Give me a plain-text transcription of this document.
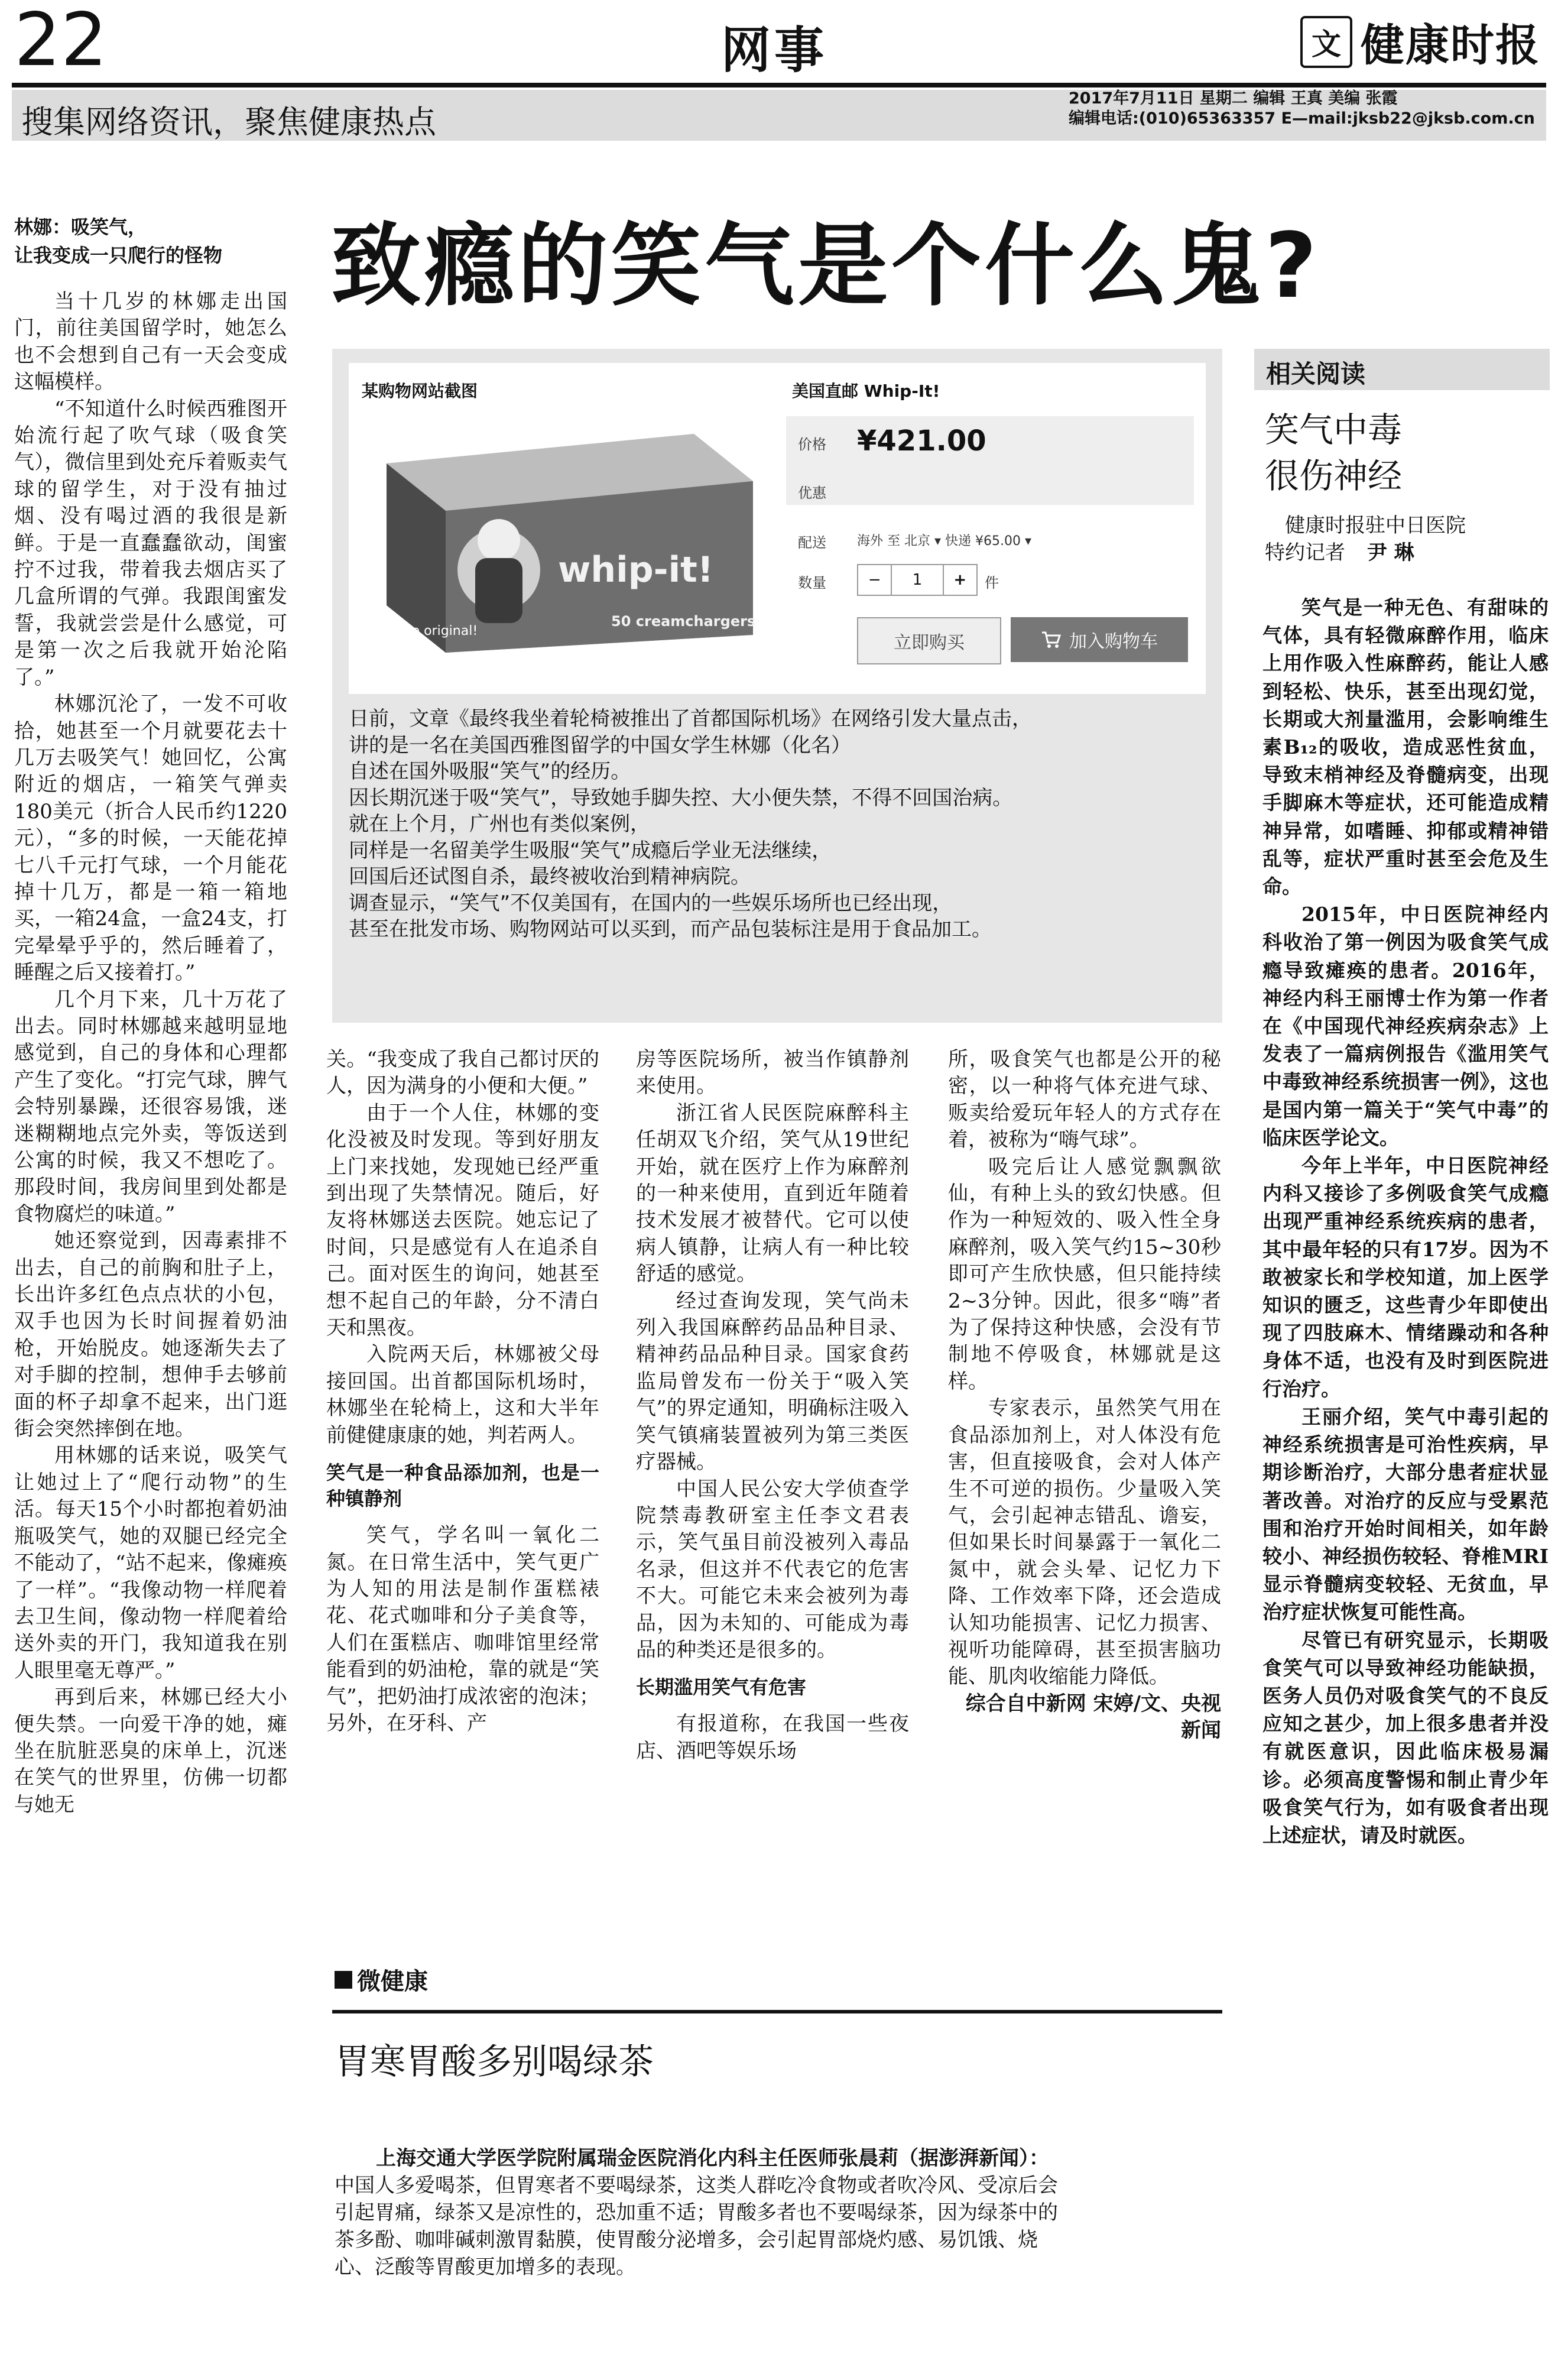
22	网事	文 健康时报
搜集网络资讯，聚焦健康热点
2017年7月11日 星期二 编辑 王真 美编 张霞
编辑电话:(010)65363357 E—mail:jksb22@jksb.com.cn
林娜：吸笑气，
让我变成一只爬行的怪物 致瘾的笑气是个什么鬼?

当十几岁的林娜走出国门，前往美国留学时，她怎么也不会想到自己有一天会变成这幅模样。

“不知道什么时候西雅图开始流行起了吹气球（吸食笑气），微信里到处充斥着贩卖气球的留学生，对于没有抽过烟、没有喝过酒的我很是新鲜。于是一直蠢蠢欲动，闺蜜拧不过我，带着我去烟店买了几盒所谓的气弹。我跟闺蜜发誓，我就尝尝是什么感觉，可是第一次之后我就开始沦陷了。”

林娜沉沦了，一发不可收拾，她甚至一个月就要花去十几万去吸笑气！她回忆，公寓附近的烟店，一箱笑气弹卖180美元（折合人民币约1220元），“多的时候，一天能花掉七八千元打气球，一个月能花掉十几万，都是一箱一箱地买，一箱24盒，一盒24支，打完晕晕乎乎的，然后睡着了，睡醒之后又接着打。”

几个月下来，几十万花了出去。同时林娜越来越明显地感觉到，自己的身体和心理都产生了变化。“打完气球，脾气会特别暴躁，还很容易饿，迷迷糊糊地点完外卖，等饭送到公寓的时候，我又不想吃了。那段时间，我房间里到处都是食物腐烂的味道。”

她还察觉到，因毒素排不出去，自己的前胸和肚子上，长出许多红色点点状的小包，双手也因为长时间握着奶油枪，开始脱皮。她逐渐失去了对手脚的控制，想伸手去够前面的杯子却拿不起来，出门逛街会突然摔倒在地。

用林娜的话来说，吸笑气让她过上了“爬行动物”的生活。每天15个小时都抱着奶油瓶吸笑气，她的双腿已经完全不能动了，“站不起来，像瘫痪了一样”。“我像动物一样爬着去卫生间，像动物一样爬着给送外卖的开门，我知道我在别人眼里毫无尊严。”

再到后来，林娜已经大小便失禁。一向爱干净的她，瘫坐在肮脏恶臭的床单上，沉迷在笑气的世界里，仿佛一切都与她无

某购物网站截图
whip-it!
50 creamchargers
the original!
美国直邮 Whip-It!
价格 ¥421.00
优惠
配送 海外 至 北京 ▾ 快递 ¥65.00 ▾
数量	−	1	+	件
立即购买	加入购物车
日前，文章《最终我坐着轮椅被推出了首都国际机场》在网络引发大量点击，
讲的是一名在美国西雅图留学的中国女学生林娜（化名）
自述在国外吸服“笑气”的经历。
因长期沉迷于吸“笑气”，导致她手脚失控、大小便失禁，不得不回国治病。
就在上个月，广州也有类似案例，
同样是一名留美学生吸服“笑气”成瘾后学业无法继续，
回国后还试图自杀，最终被收治到精神病院。
调查显示，“笑气”不仅美国有，在国内的一些娱乐场所也已经出现，
甚至在批发市场、购物网站可以买到，而产品包装标注是用于食品加工。

关。“我变成了我自己都讨厌的人，因为满身的小便和大便。”

由于一个人住，林娜的变化没被及时发现。等到好朋友上门来找她，发现她已经严重到出现了失禁情况。随后，好友将林娜送去医院。她忘记了时间，只是感觉有人在追杀自己。面对医生的询问，她甚至想不起自己的年龄，分不清白天和黑夜。

入院两天后，林娜被父母接回国。出首都国际机场时，林娜坐在轮椅上，这和大半年前健健康康的她，判若两人。

笑气是一种食品添加剂，也是一种镇静剂

笑气，学名叫一氧化二氮。在日常生活中，笑气更广为人知的用法是制作蛋糕裱花、花式咖啡和分子美食等，人们在蛋糕店、咖啡馆里经常能看到的奶油枪，靠的就是“笑气”，把奶油打成浓密的泡沫；另外，在牙科、产

房等医院场所，被当作镇静剂来使用。

浙江省人民医院麻醉科主任胡双飞介绍，笑气从19世纪开始，就在医疗上作为麻醉剂的一种来使用，直到近年随着技术发展才被替代。它可以使病人镇静，让病人有一种比较舒适的感觉。

经过查询发现，笑气尚未列入我国麻醉药品品种目录、精神药品品种目录。国家食药监局曾发布一份关于“吸入笑气”的界定通知，明确标注吸入笑气镇痛装置被列为第三类医疗器械。

中国人民公安大学侦查学院禁毒教研室主任李文君表示，笑气虽目前没被列入毒品名录，但这并不代表它的危害不大。可能它未来会被列为毒品，因为未知的、可能成为毒品的种类还是很多的。

长期滥用笑气有危害

有报道称，在我国一些夜店、酒吧等娱乐场

所，吸食笑气也都是公开的秘密，以一种将气体充进气球、贩卖给爱玩年轻人的方式存在着，被称为“嗨气球”。

吸完后让人感觉飘飘欲仙，有种上头的致幻快感。但作为一种短效的、吸入性全身麻醉剂，吸入笑气约15~30秒即可产生欣快感，但只能持续2~3分钟。因此，很多“嗨”者为了保持这种快感，会没有节制地不停吸食，林娜就是这样。

专家表示，虽然笑气用在食品添加剂上，对人体没有危害，但直接吸食，会对人体产生不可逆的损伤。少量吸入笑气，会引起神志错乱、谵妄，但如果长时间暴露于一氧化二氮中，就会头晕、记忆力下降、工作效率下降，还会造成认知功能损害、记忆力损害、视听功能障碍，甚至损害脑功能、肌肉收缩能力降低。

综合自中新网 宋婷/文、央视新闻

相关阅读
笑气中毒
很伤神经
健康时报驻中日医院
特约记者 尹 琳

笑气是一种无色、有甜味的气体，具有轻微麻醉作用，临床上用作吸入性麻醉药，能让人感到轻松、快乐，甚至出现幻觉，长期或大剂量滥用，会影响维生素B₁₂的吸收，造成恶性贫血，导致末梢神经及脊髓病变，出现手脚麻木等症状，还可能造成精神异常，如嗜睡、抑郁或精神错乱等，症状严重时甚至会危及生命。

2015年，中日医院神经内科收治了第一例因为吸食笑气成瘾导致瘫痪的患者。2016年，神经内科王丽博士作为第一作者在《中国现代神经疾病杂志》上发表了一篇病例报告《滥用笑气中毒致神经系统损害一例》，这也是国内第一篇关于“笑气中毒”的临床医学论文。

今年上半年，中日医院神经内科又接诊了多例吸食笑气成瘾出现严重神经系统疾病的患者，其中最年轻的只有17岁。因为不敢被家长和学校知道，加上医学知识的匮乏，这些青少年即使出现了四肢麻木、情绪躁动和各种身体不适，也没有及时到医院进行治疗。

王丽介绍，笑气中毒引起的神经系统损害是可治性疾病，早期诊断治疗，大部分患者症状显著改善。对治疗的反应与受累范围和治疗开始时间相关，如年龄较小、神经损伤较轻、脊椎MRI显示脊髓病变较轻、无贫血，早治疗症状恢复可能性高。

尽管已有研究显示，长期吸食笑气可以导致神经功能缺损，医务人员仍对吸食笑气的不良反应知之甚少，加上很多患者并没有就医意识，因此临床极易漏诊。必须高度警惕和制止青少年吸食笑气行为，如有吸食者出现上述症状，请及时就医。

微健康
胃寒胃酸多别喝绿茶
上海交通大学医学院附属瑞金医院消化内科主任医师张晨莉（据澎湃新闻）：
中国人多爱喝茶，但胃寒者不要喝绿茶，这类人群吃冷食物或者吹冷风、受凉后会
引起胃痛，绿茶又是凉性的，恐加重不适；胃酸多者也不要喝绿茶，因为绿茶中的
茶多酚、咖啡碱刺激胃黏膜，使胃酸分泌增多，会引起胃部烧灼感、易饥饿、烧
心、泛酸等胃酸更加增多的表现。
